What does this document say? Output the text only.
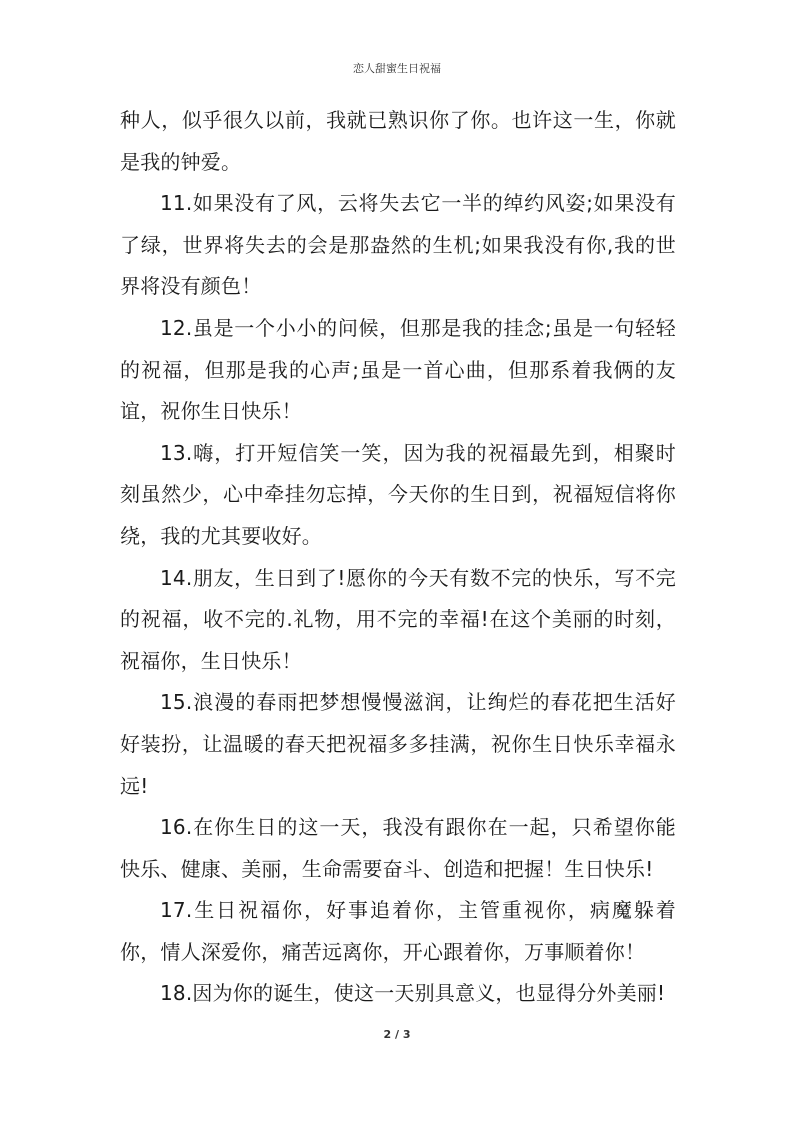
恋人甜蜜生日祝福

种人，似乎很久以前，我就已熟识你了你。也许这一生，你就是我的钟爱。

11.如果没有了风，云将失去它一半的绰约风姿;如果没有了绿，世界将失去的会是那盎然的生机;如果我没有你,我的世界将没有颜色！

12.虽是一个小小的问候，但那是我的挂念;虽是一句轻轻的祝福，但那是我的心声;虽是一首心曲，但那系着我俩的友谊，祝你生日快乐！

13.嗨，打开短信笑一笑，因为我的祝福最先到，相聚时刻虽然少，心中牵挂勿忘掉，今天你的生日到，祝福短信将你绕，我的尤其要收好。

14.朋友，生日到了!愿你的今天有数不完的快乐，写不完的祝福，收不完的.礼物，用不完的幸福!在这个美丽的时刻，祝福你，生日快乐！

15.浪漫的春雨把梦想慢慢滋润，让绚烂的春花把生活好好装扮，让温暖的春天把祝福多多挂满，祝你生日快乐幸福永远!

16.在你生日的这一天，我没有跟你在一起，只希望你能快乐、健康、美丽，生命需要奋斗、创造和把握！生日快乐!

17.生日祝福你，好事追着你，主管重视你，病魔躲着你，情人深爱你，痛苦远离你，开心跟着你，万事顺着你！

18.因为你的诞生，使这一天别具意义，也显得分外美丽!

2 / 3
